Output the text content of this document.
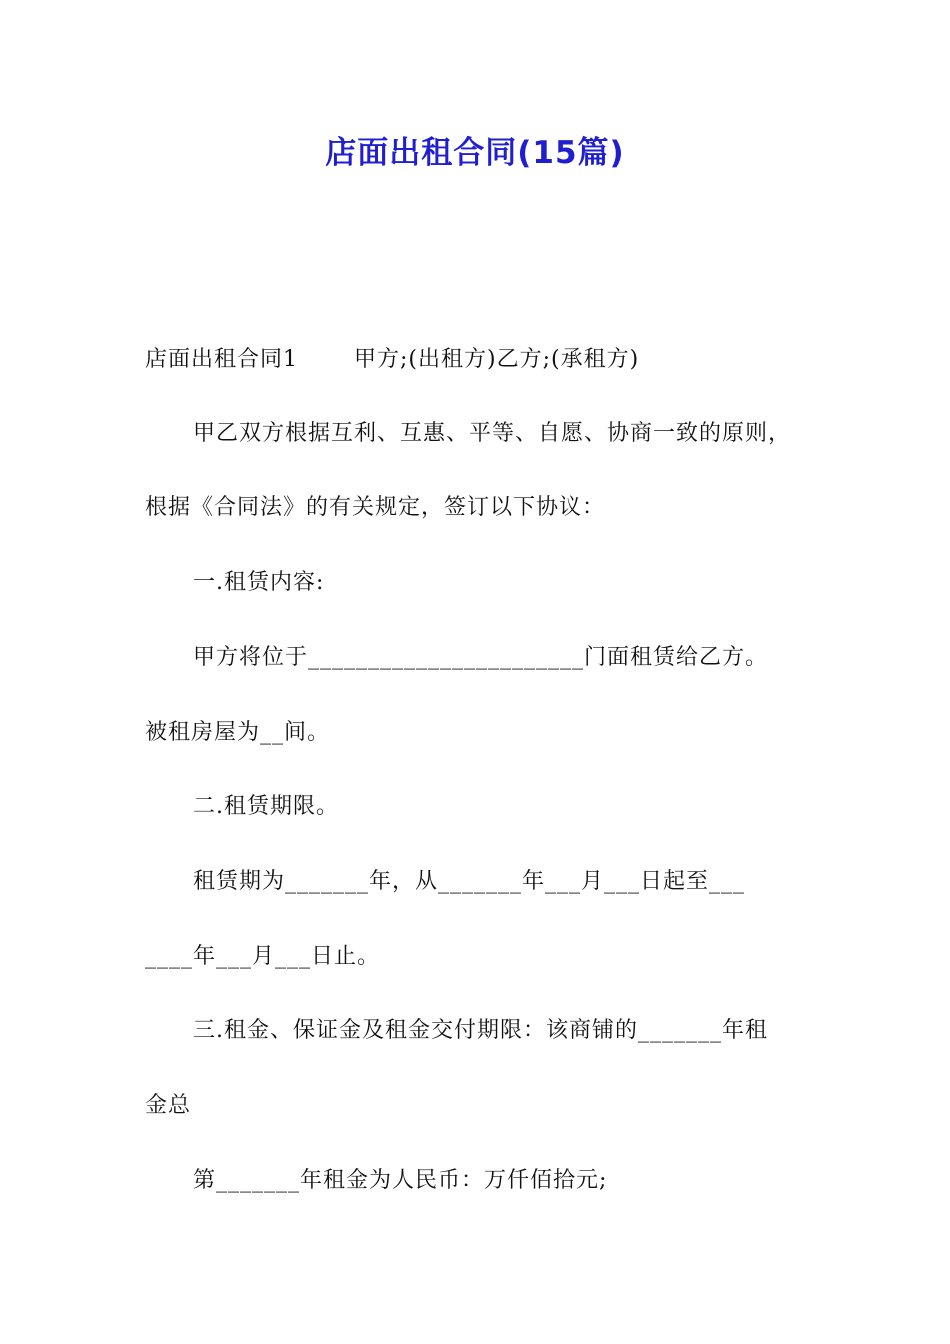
店面出租合同(15篇)
店面出租合同1	甲方;(出租方)乙方;(承租方)
甲乙双方根据互利、互惠、平等、自愿、协商一致的原则，
根据《合同法》的有关规定，签订以下协议：
一.租赁内容:
甲方将位于_______________________门面租赁给乙方。
被租房屋为__间。
二.租赁期限。
租赁期为_______年，从_______年___月___日起至___
____年___月___日止。
三.租金、保证金及租金交付期限：该商铺的_______年租
金总
第_______年租金为人民币：万仟佰拾元;
